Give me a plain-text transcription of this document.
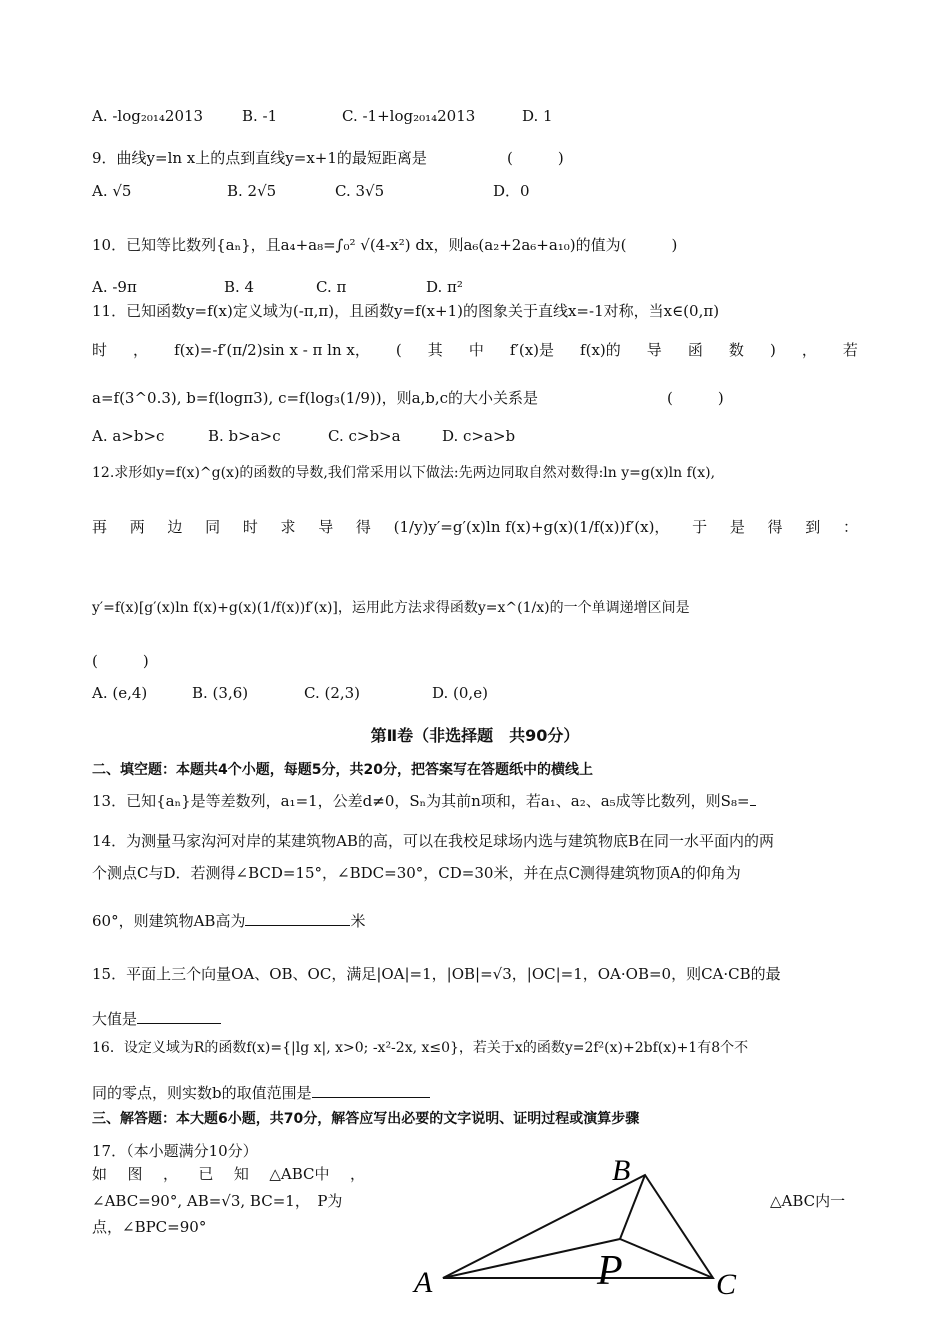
A. -log₂₀₁₄2013	B. -1	C. -1+log₂₀₁₄2013	D. 1
9．曲线y=ln x上的点到直线y=x+1的最短距离是	(　　　)
A. √5	B. 2√5	C. 3√5	D．0
10．已知等比数列{aₙ}，且a₄+a₈=∫₀² √(4-x²) dx，则a₆(a₂+2a₆+a₁₀)的值为(　　　)
A. -9π	B. 4	C. π	D. π²
11．已知函数y=f(x)定义域为(-π,π)，且函数y=f(x+1)的图象关于直线x=-1对称，当x∈(0,π)
时 ， f(x)=-f′(π/2)sin x - π ln x， ( 其 中 f′(x)是 f(x)的 导 函 数 ) ， 若
a=f(3^0.3), b=f(logπ3), c=f(log₃(1/9))，则a,b,c的大小关系是	(　　　)
A. a>b>c	B. b>a>c	C. c>b>a	D. c>a>b
12.求形如y=f(x)^g(x)的函数的导数,我们常采用以下做法:先两边同取自然对数得:ln y=g(x)ln f(x),
再 两 边 同 时 求 导 得 (1/y)y′=g′(x)ln f(x)+g(x)(1/f(x))f′(x)， 于 是 得 到 ：
y′=f(x)[g′(x)ln f(x)+g(x)(1/f(x))f′(x)]，运用此方法求得函数y=x^(1/x)的一个单调递增区间是
(　　　)
A. (e,4)	B. (3,6)	C. (2,3)	D. (0,e)
第Ⅱ卷（非选择题　共90分）
二、填空题：本题共4个小题，每题5分，共20分，把答案写在答题纸中的横线上
13．已知{aₙ}是等差数列，a₁=1，公差d≠0，Sₙ为其前n项和，若a₁、a₂、a₅成等比数列，则S₈=
14．为测量马家沟河对岸的某建筑物AB的高，可以在我校足球场内选与建筑物底B在同一水平面内的两
个测点C与D．若测得∠BCD=15°，∠BDC=30°，CD=30米，并在点C测得建筑物顶A的仰角为
60°，则建筑物AB高为	米
15．平面上三个向量OA、OB、OC，满足|OA|=1，|OB|=√3，|OC|=1，OA·OB=0，则CA·CB的最
大值是
16．设定义域为R的函数f(x)={|lg x|, x>0; -x²-2x, x≤0}，若关于x的函数y=2f²(x)+2bf(x)+1有8个不
同的零点，则实数b的取值范围是
三、解答题：本大题6小题，共70分，解答应写出必要的文字说明、证明过程或演算步骤
17．（本小题满分10分）
如 图 ， 已 知 △ABC中 ，
∠ABC=90°, AB=√3, BC=1，　P为	△ABC内一
点，∠BPC=90°
A
B
C
P
